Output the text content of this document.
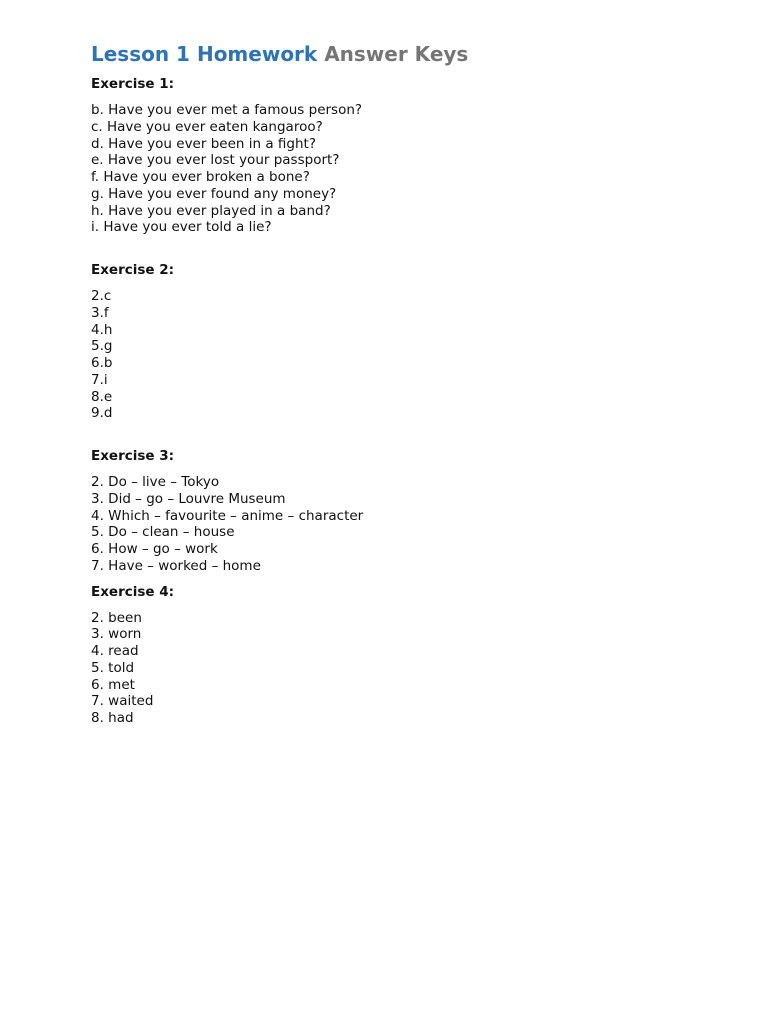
Lesson 1 Homework Answer Keys
Exercise 1:
b. Have you ever met a famous person?
c. Have you ever eaten kangaroo?
d. Have you ever been in a fight?
e. Have you ever lost your passport?
f. Have you ever broken a bone?
g. Have you ever found any money?
h. Have you ever played in a band?
i. Have you ever told a lie?
Exercise 2:
2.c
3.f
4.h
5.g
6.b
7.i
8.e
9.d
Exercise 3:
2. Do – live – Tokyo
3. Did – go – Louvre Museum
4. Which – favourite – anime – character
5. Do – clean – house
6. How – go – work
7. Have – worked – home
Exercise 4:
2. been
3. worn
4. read
5. told
6. met
7. waited
8. had
